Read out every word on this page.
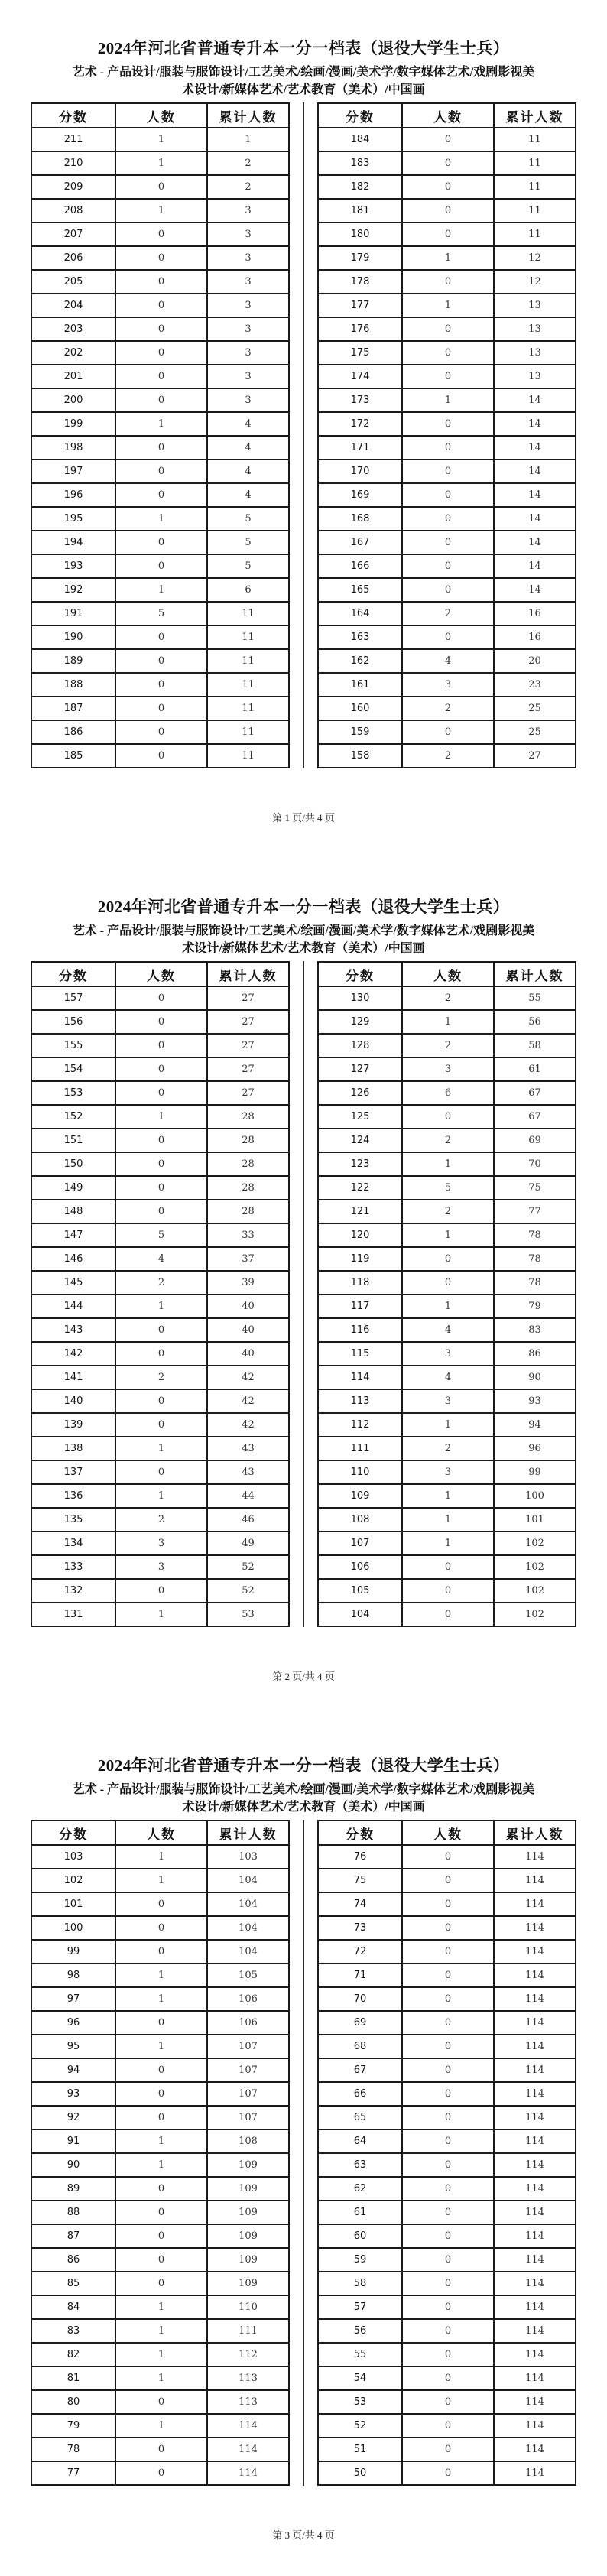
2024年河北省普通专升本一分一档表（退役大学生士兵）
艺术 - 产品设计/服装与服饰设计/工艺美术/绘画/漫画/美术学/数字媒体艺术/戏剧影视美
术设计/新媒体艺术/艺术教育（美术）/中国画
分数	人数	累计人数
211	1	1
210	1	2
209	0	2
208	1	3
207	0	3
206	0	3
205	0	3
204	0	3
203	0	3
202	0	3
201	0	3
200	0	3
199	1	4
198	0	4
197	0	4
196	0	4
195	1	5
194	0	5
193	0	5
192	1	6
191	5	11
190	0	11
189	0	11
188	0	11
187	0	11
186	0	11
185	0	11
分数	人数	累计人数
184	0	11
183	0	11
182	0	11
181	0	11
180	0	11
179	1	12
178	0	12
177	1	13
176	0	13
175	0	13
174	0	13
173	1	14
172	0	14
171	0	14
170	0	14
169	0	14
168	0	14
167	0	14
166	0	14
165	0	14
164	2	16
163	0	16
162	4	20
161	3	23
160	2	25
159	0	25
158	2	27
第 1 页/共 4 页
2024年河北省普通专升本一分一档表（退役大学生士兵）
艺术 - 产品设计/服装与服饰设计/工艺美术/绘画/漫画/美术学/数字媒体艺术/戏剧影视美
术设计/新媒体艺术/艺术教育（美术）/中国画
分数	人数	累计人数
157	0	27
156	0	27
155	0	27
154	0	27
153	0	27
152	1	28
151	0	28
150	0	28
149	0	28
148	0	28
147	5	33
146	4	37
145	2	39
144	1	40
143	0	40
142	0	40
141	2	42
140	0	42
139	0	42
138	1	43
137	0	43
136	1	44
135	2	46
134	3	49
133	3	52
132	0	52
131	1	53
分数	人数	累计人数
130	2	55
129	1	56
128	2	58
127	3	61
126	6	67
125	0	67
124	2	69
123	1	70
122	5	75
121	2	77
120	1	78
119	0	78
118	0	78
117	1	79
116	4	83
115	3	86
114	4	90
113	3	93
112	1	94
111	2	96
110	3	99
109	1	100
108	1	101
107	1	102
106	0	102
105	0	102
104	0	102
第 2 页/共 4 页
2024年河北省普通专升本一分一档表（退役大学生士兵）
艺术 - 产品设计/服装与服饰设计/工艺美术/绘画/漫画/美术学/数字媒体艺术/戏剧影视美
术设计/新媒体艺术/艺术教育（美术）/中国画
分数	人数	累计人数
103	1	103
102	1	104
101	0	104
100	0	104
99	0	104
98	1	105
97	1	106
96	0	106
95	1	107
94	0	107
93	0	107
92	0	107
91	1	108
90	1	109
89	0	109
88	0	109
87	0	109
86	0	109
85	0	109
84	1	110
83	1	111
82	1	112
81	1	113
80	0	113
79	1	114
78	0	114
77	0	114
分数	人数	累计人数
76	0	114
75	0	114
74	0	114
73	0	114
72	0	114
71	0	114
70	0	114
69	0	114
68	0	114
67	0	114
66	0	114
65	0	114
64	0	114
63	0	114
62	0	114
61	0	114
60	0	114
59	0	114
58	0	114
57	0	114
56	0	114
55	0	114
54	0	114
53	0	114
52	0	114
51	0	114
50	0	114
第 3 页/共 4 页
